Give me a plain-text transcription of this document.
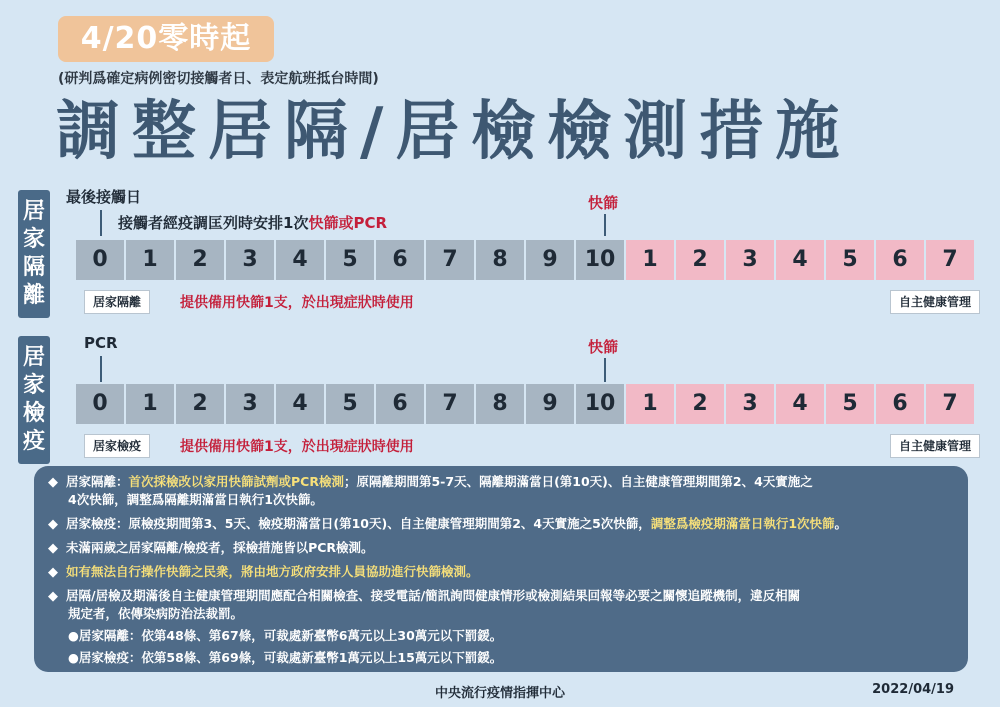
4/20零時起
(研判爲確定病例密切接觸者日、表定航班抵台時間)
調整居隔/居檢檢測措施
居
家
隔
離
最後接觸日
接觸者經疫調匡列時安排1次快篩或PCR
快篩
0	1	2	3	4	5	6	7	8	9	10	1	2	3	4	5	6	7
居家隔離	提供備用快篩1支，於出現症狀時使用	自主健康管理
居
家
檢
疫
PCR	快篩
0	1	2	3	4	5	6	7	8	9	10	1	2	3	4	5	6	7
居家檢疫	提供備用快篩1支，於出現症狀時使用	自主健康管理
◆ 居家隔離：首次採檢改以家用快篩試劑或PCR檢測；原隔離期間第5-7天、隔離期滿當日(第10天)、自主健康管理期間第2、4天實施之
4次快篩，調整爲隔離期滿當日執行1次快篩。
◆ 居家檢疫：原檢疫期間第3、5天、檢疫期滿當日(第10天)、自主健康管理期間第2、4天實施之5次快篩，調整爲檢疫期滿當日執行1次快篩。
◆ 未滿兩歲之居家隔離/檢疫者，採檢措施皆以PCR檢測。
◆ 如有無法自行操作快篩之民衆，將由地方政府安排人員協助進行快篩檢測。
◆ 居隔/居檢及期滿後自主健康管理期間應配合相關檢查、接受電話/簡訊詢問健康情形或檢測結果回報等必要之關懷追蹤機制，違反相關
規定者，依傳染病防治法裁罰。
●居家隔離：依第48條、第67條，可裁處新臺幣6萬元以上30萬元以下罰鍰。
●居家檢疫：依第58條、第69條，可裁處新臺幣1萬元以上15萬元以下罰鍰。
中央流行疫情指揮中心	2022/04/19
